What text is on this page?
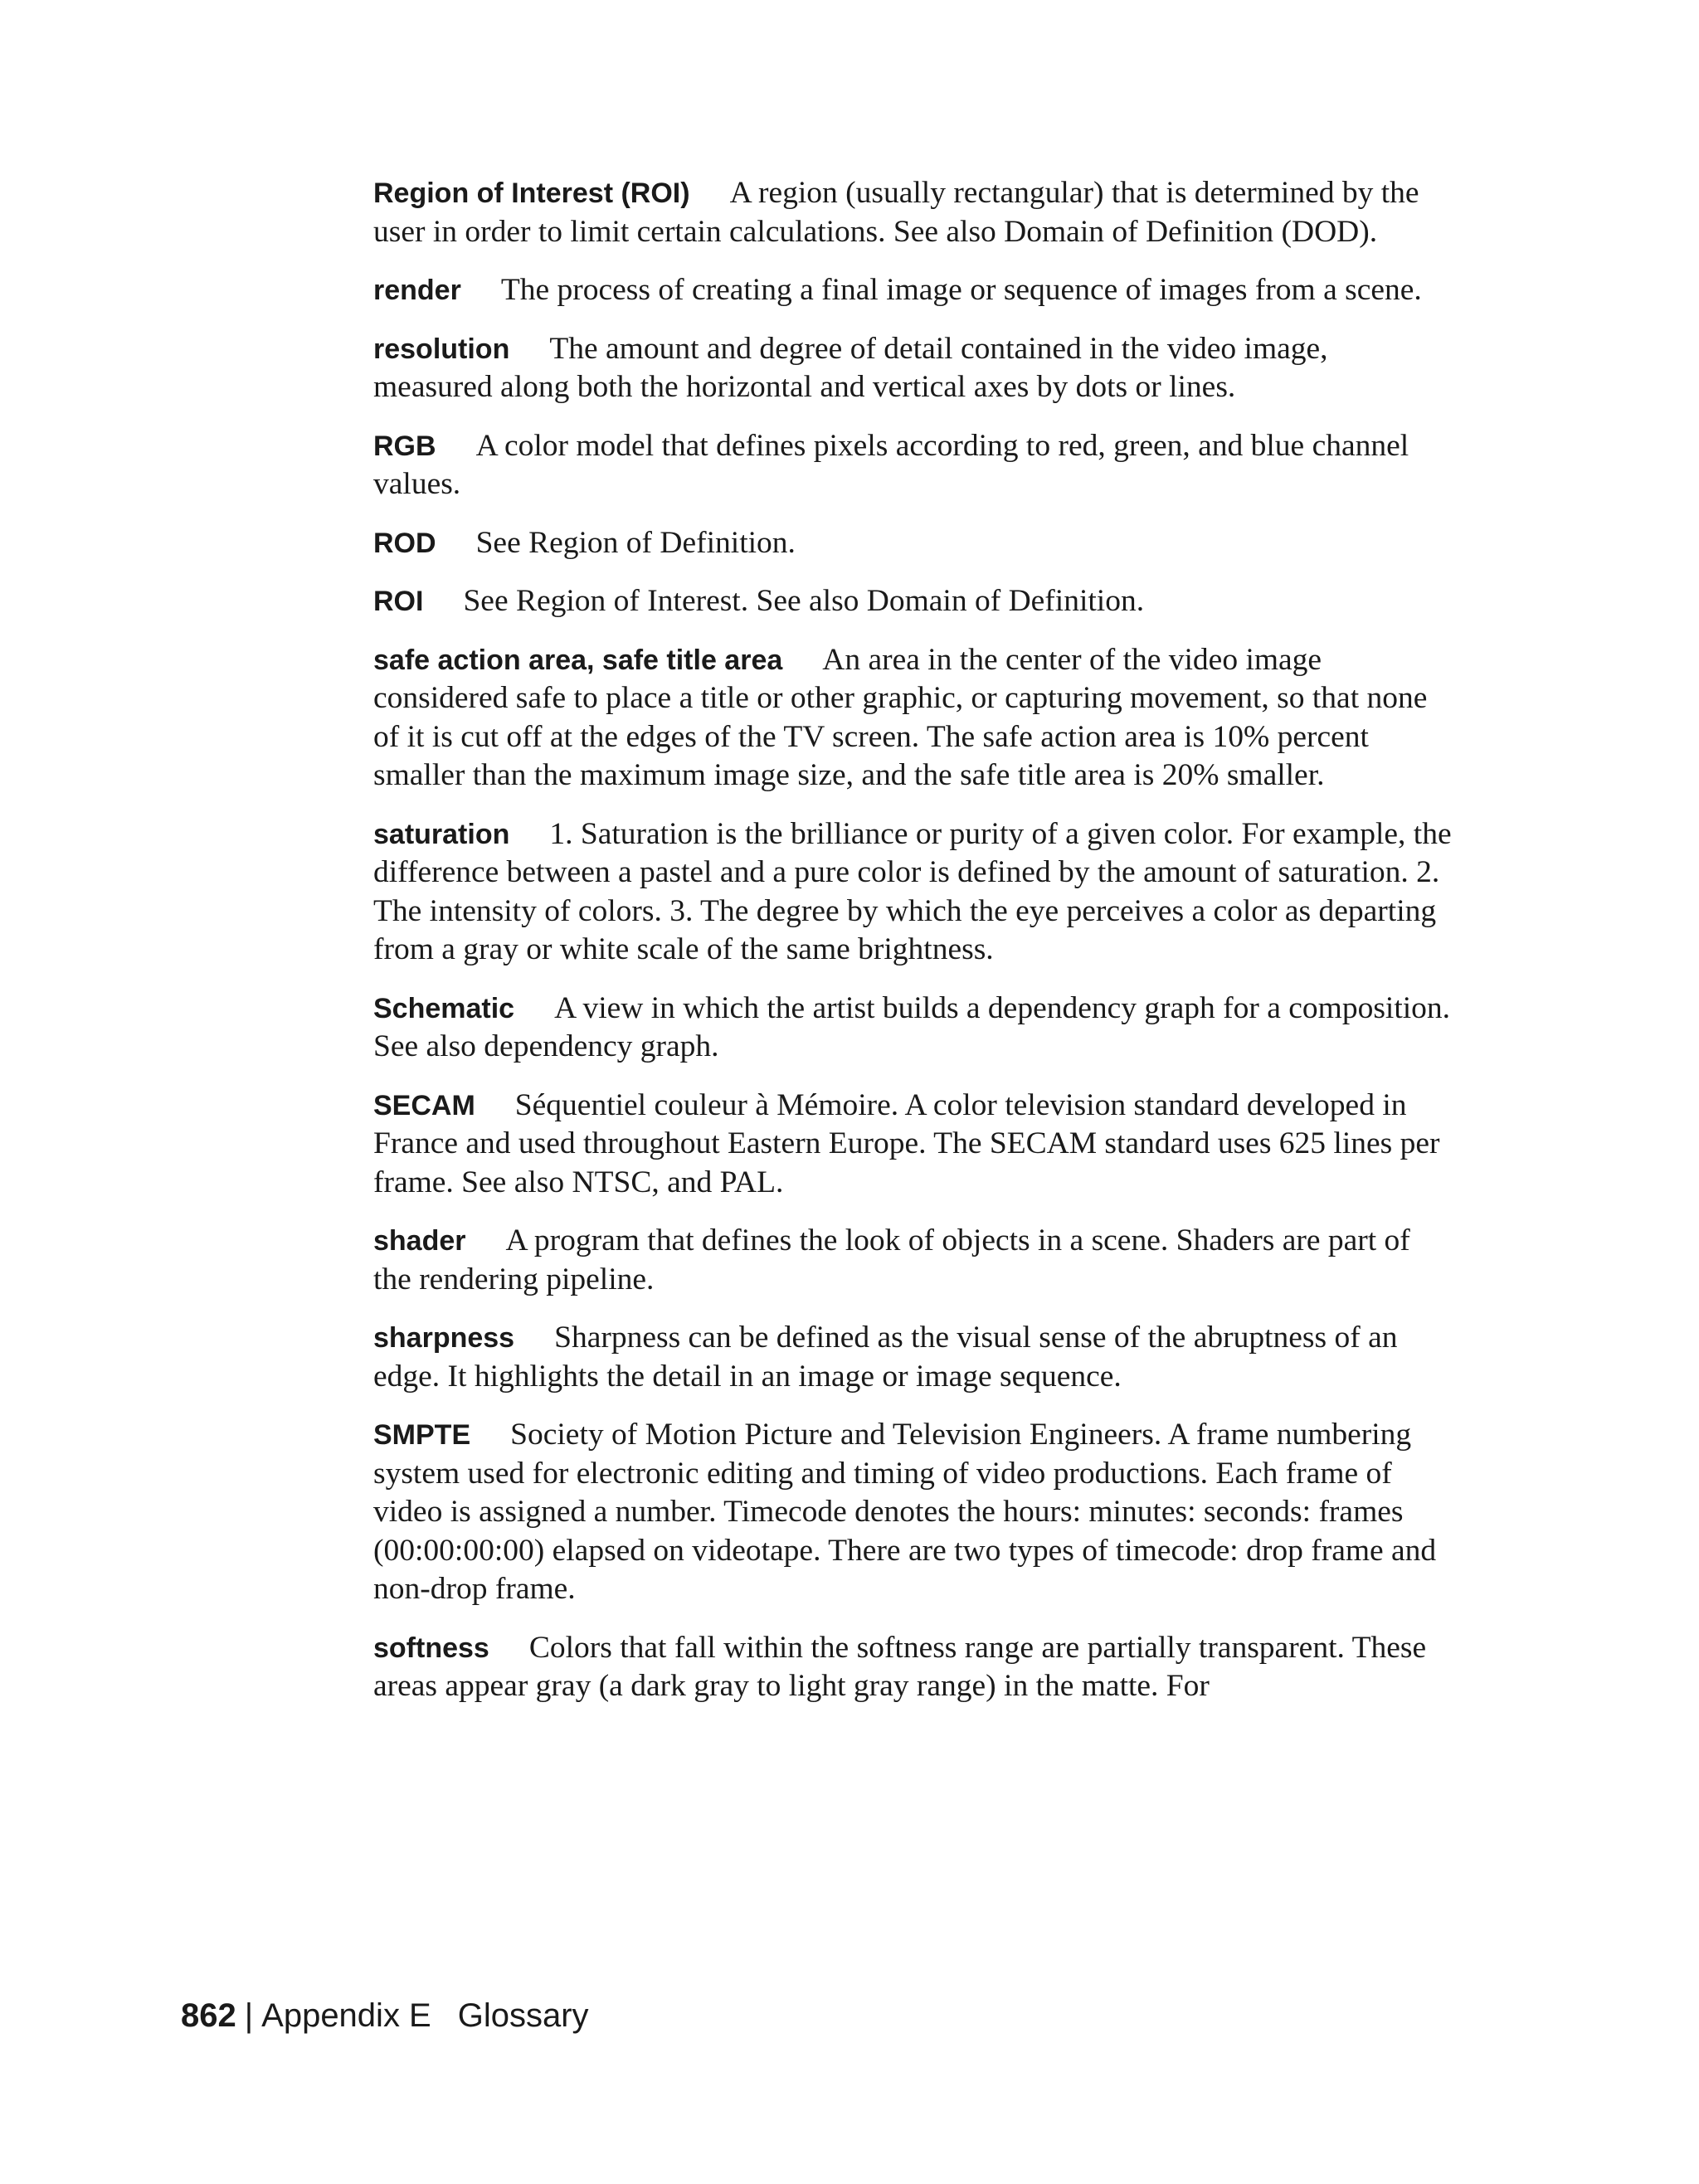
Region of Interest (ROI) A region (usually rectangular) that is determined by the user in order to limit certain calculations. See also Domain of Definition (DOD).

render The process of creating a final image or sequence of images from a scene.

resolution The amount and degree of detail contained in the video image, measured along both the horizontal and vertical axes by dots or lines.

RGB A color model that defines pixels according to red, green, and blue channel values.

ROD See Region of Definition.

ROI See Region of Interest. See also Domain of Definition.

safe action area, safe title area An area in the center of the video image considered safe to place a title or other graphic, or capturing movement, so that none of it is cut off at the edges of the TV screen. The safe action area is 10% percent smaller than the maximum image size, and the safe title area is 20% smaller.

saturation 1. Saturation is the brilliance or purity of a given color. For example, the difference between a pastel and a pure color is defined by the amount of saturation. 2. The intensity of colors. 3. The degree by which the eye perceives a color as departing from a gray or white scale of the same brightness.

Schematic A view in which the artist builds a dependency graph for a composition. See also dependency graph.

SECAM Séquentiel couleur à Mémoire. A color television standard developed in France and used throughout Eastern Europe. The SECAM standard uses 625 lines per frame. See also NTSC, and PAL.

shader A program that defines the look of objects in a scene. Shaders are part of the rendering pipeline.

sharpness Sharpness can be defined as the visual sense of the abruptness of an edge. It highlights the detail in an image or image sequence.

SMPTE Society of Motion Picture and Television Engineers. A frame numbering system used for electronic editing and timing of video productions. Each frame of video is assigned a number. Timecode denotes the hours: minutes: seconds: frames (00:00:00:00) elapsed on videotape. There are two types of timecode: drop frame and non-drop frame.

softness Colors that fall within the softness range are partially transparent. These areas appear gray (a dark gray to light gray range) in the matte. For

862 | Appendix E Glossary
